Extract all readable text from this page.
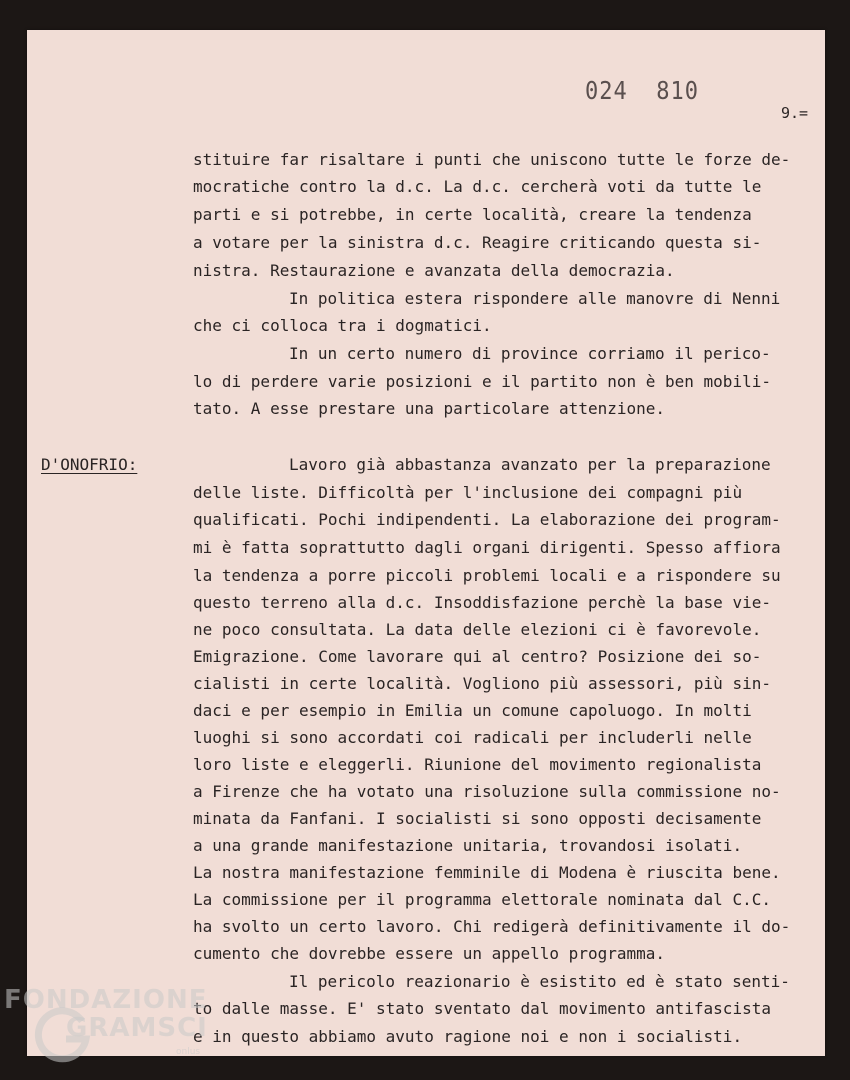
024  810
9.=
D'ONOFRIO:
stituire far risaltare i punti che uniscono tutte le forze de-
mocratiche contro la d.c. La d.c. cercherà voti da tutte le
parti e si potrebbe, in certe località, creare la tendenza
a votare per la sinistra d.c. Reagire criticando questa si-
nistra. Restaurazione e avanzata della democrazia.
In politica estera rispondere alle manovre di Nenni
che ci colloca tra i dogmatici.
In un certo numero di province corriamo il perico-
lo di perdere varie posizioni e il partito non è ben mobili-
tato. A esse prestare una particolare attenzione.
Lavoro già abbastanza avanzato per la preparazione
delle liste. Difficoltà per l'inclusione dei compagni più
qualificati. Pochi indipendenti. La elaborazione dei program-
mi è fatta soprattutto dagli organi dirigenti. Spesso affiora
la tendenza a porre piccoli problemi locali e a rispondere su
questo terreno alla d.c. Insoddisfazione perchè la base vie-
ne poco consultata. La data delle elezioni ci è favorevole.
Emigrazione. Come lavorare qui al centro? Posizione dei so-
cialisti in certe località. Vogliono più assessori, più sin-
daci e per esempio in Emilia un comune capoluogo. In molti
luoghi si sono accordati coi radicali per includerli nelle
loro liste e eleggerli. Riunione del movimento regionalista
a Firenze che ha votato una risoluzione sulla commissione no-
minata da Fanfani. I socialisti si sono opposti decisamente
a una grande manifestazione unitaria, trovandosi isolati.
La nostra manifestazione femminile di Modena è riuscita bene.
La commissione per il programma elettorale nominata dal C.C.
ha svolto un certo lavoro. Chi redigerà definitivamente il do-
cumento che dovrebbe essere un appello programma.
Il pericolo reazionario è esistito ed è stato senti-
to dalle masse. E' stato sventato dal movimento antifascista
e in questo abbiamo avuto ragione noi e non i socialisti.
FONDAZIONE
GRAMSCI
onlus
